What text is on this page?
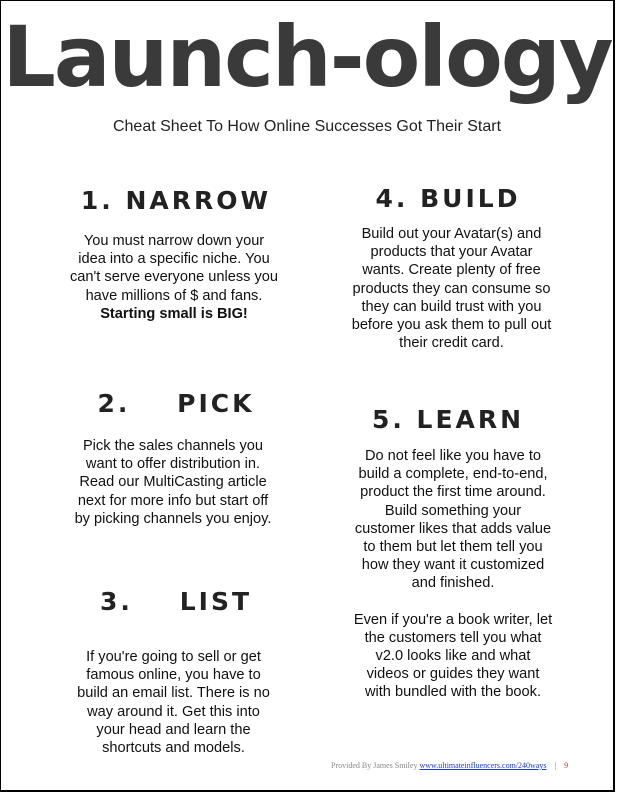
Launch-ology
Cheat Sheet To How Online Successes Got Their Start
1. NARROW

You must narrow down your idea into a specific niche. You can't serve everyone unless you have millions of $ and fans. Starting small is BIG!

2.    PICK

Pick the sales channels you want to offer distribution in. Read our MultiCasting article next for more info but start off by picking channels you enjoy.

3.    LIST

If you're going to sell or get famous online, you have to build an email list. There is no way around it. Get this into your head and learn the shortcuts and models.

4. BUILD

Build out your Avatar(s) and products that your Avatar wants. Create plenty of free products they can consume so they can build trust with you before you ask them to pull out their credit card.

5. LEARN

Do not feel like you have to build a complete, end-to-end, product the first time around. Build something your customer likes that adds value to them but let them tell you how they want it customized and finished.

Even if you're a book writer, let the customers tell you what v2.0 looks like and what videos or guides they want with bundled with the book.

Provided By James Smiley www.ultimateinfluencers.com/240ways | 9
